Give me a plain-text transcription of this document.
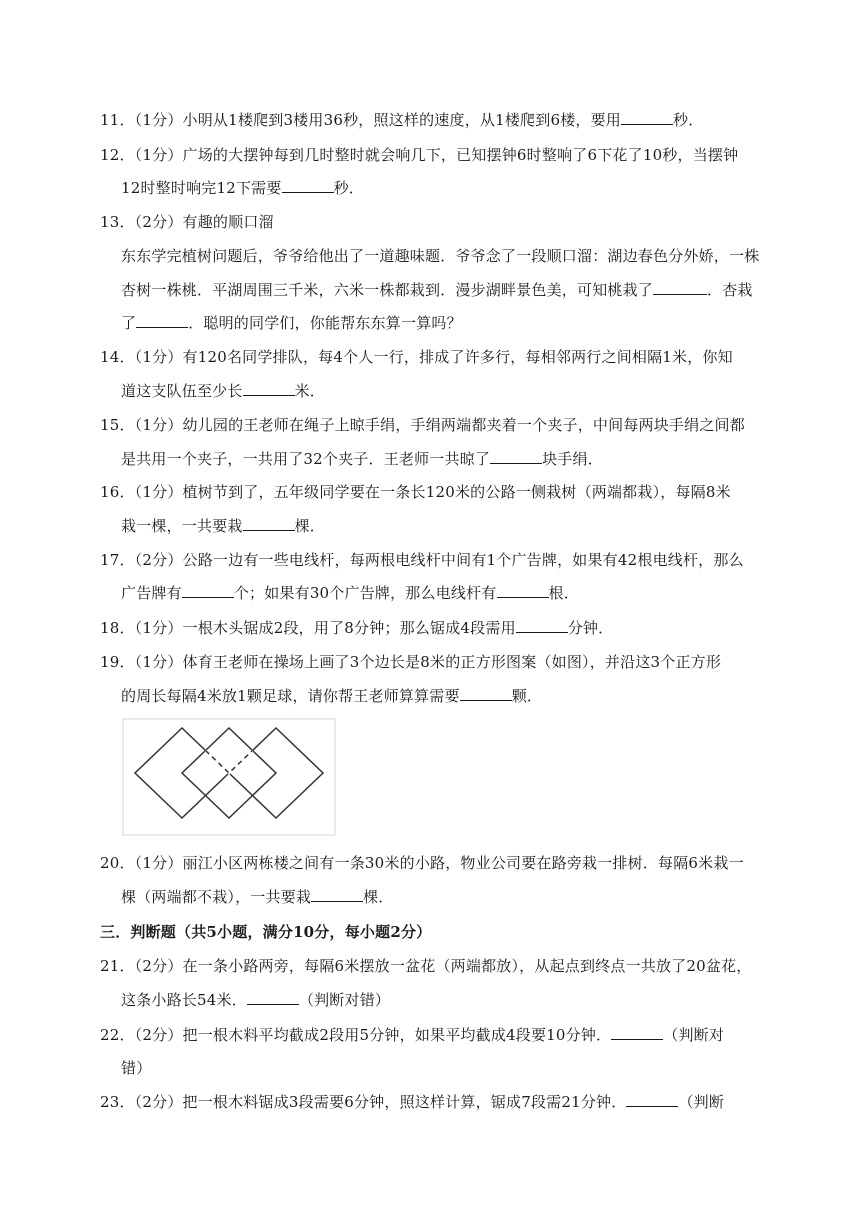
11．（1分）小明从1楼爬到3楼用36秒，照这样的速度，从1楼爬到6楼，要用	秒．
12．（1分）广场的大摆钟每到几时整时就会响几下，已知摆钟6时整响了6下花了10秒，当摆钟
12时整时响完12下需要	秒．
13．（2分）有趣的顺口溜
东东学完植树问题后，爷爷给他出了一道趣味题．爷爷念了一段顺口溜：湖边春色分外娇，一株
杏树一株桃．平湖周围三千米，六米一株都栽到．漫步湖畔景色美，可知桃栽了	．杏栽
了	．聪明的同学们，你能帮东东算一算吗？
14．（1分）有120名同学排队，每4个人一行，排成了许多行，每相邻两行之间相隔1米，你知
道这支队伍至少长	米．
15．（1分）幼儿园的王老师在绳子上晾手绢，手绢两端都夹着一个夹子，中间每两块手绢之间都
是共用一个夹子，一共用了32个夹子．王老师一共晾了	块手绢．
16．（1分）植树节到了，五年级同学要在一条长120米的公路一侧栽树（两端都栽），每隔8米
栽一棵，一共要栽	棵．
17．（2分）公路一边有一些电线杆，每两根电线杆中间有1个广告牌，如果有42根电线杆，那么
广告牌有	个；如果有30个广告牌，那么电线杆有	根．
18．（1分）一根木头锯成2段，用了8分钟；那么锯成4段需用	分钟．
19．（1分）体育王老师在操场上画了3个边长是8米的正方形图案（如图），并沿这3个正方形
的周长每隔4米放1颗足球，请你帮王老师算算需要	颗．
20．（1分）丽江小区两栋楼之间有一条30米的小路，物业公司要在路旁栽一排树．每隔6米栽一
棵（两端都不栽），一共要栽	棵．
三．判断题（共5小题，满分10分，每小题2分）
21．（2分）在一条小路两旁，每隔6米摆放一盆花（两端都放），从起点到终点一共放了20盆花，
这条小路长54米．	（判断对错）
22．（2分）把一根木料平均截成2段用5分钟，如果平均截成4段要10分钟．	（判断对
错）
23．（2分）把一根木料锯成3段需要6分钟，照这样计算，锯成7段需21分钟．	（判断
